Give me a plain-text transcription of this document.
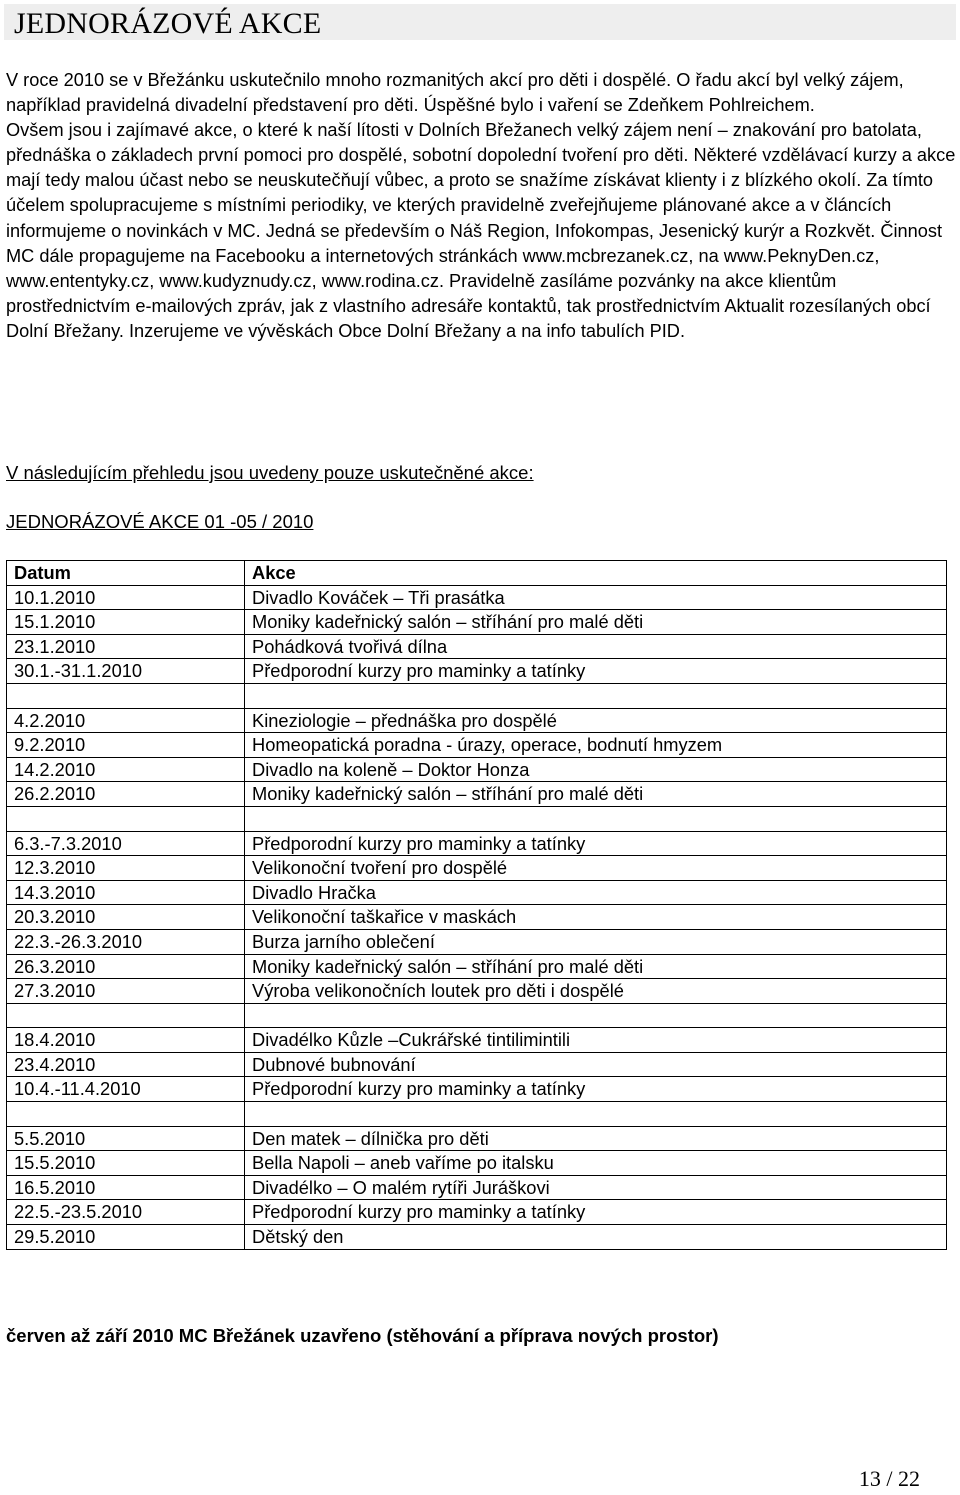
JEDNORÁZOVÉ AKCE

V roce 2010 se v Břežánku uskutečnilo mnoho rozmanitých akcí pro děti i dospělé. O řadu akcí byl velký zájem, například pravidelná divadelní představení pro děti. Úspěšné bylo i vaření se Zdeňkem Pohlreichem.

Ovšem jsou i zajímavé akce, o které k naší lítosti v Dolních Břežanech velký zájem není – znakování pro batolata, přednáška o základech první pomoci pro dospělé, sobotní dopolední tvoření pro děti. Některé vzdělávací kurzy a akce mají tedy malou účast nebo se neuskutečňují vůbec, a proto se snažíme získávat klienty i z blízkého okolí. Za tímto účelem spolupracujeme s místními periodiky, ve kterých pravidelně zveřejňujeme plánované akce a v článcích informujeme o novinkách v MC. Jedná se především o Náš Region, Infokompas, Jesenický kurýr a Rozkvět. Činnost MC dále propagujeme na Facebooku a internetových stránkách www.mcbrezanek.cz, na www.PeknyDen.cz, www.ententyky.cz, www.kudyznudy.cz, www.rodina.cz. Pravidelně zasíláme pozvánky na akce klientům prostřednictvím e-mailových zpráv, jak z vlastního adresáře kontaktů, tak prostřednictvím Aktualit rozesílaných obcí Dolní Břežany. Inzerujeme ve vývěskách Obce Dolní Břežany a na info tabulích PID.

V následujícím přehledu jsou uvedeny pouze uskutečněné akce:
JEDNORÁZOVÉ AKCE 01 -05 / 2010
Datum	Akce
10.1.2010	Divadlo Kováček – Tři prasátka
15.1.2010	Moniky kadeřnický salón – stříhání pro malé děti
23.1.2010	Pohádková tvořivá dílna
30.1.-31.1.2010	Předporodní kurzy pro maminky a tatínky

4.2.2010	Kineziologie – přednáška pro dospělé
9.2.2010	Homeopatická poradna - úrazy, operace, bodnutí hmyzem
14.2.2010	Divadlo na koleně – Doktor Honza
26.2.2010	Moniky kadeřnický salón – stříhání pro malé děti

6.3.-7.3.2010	Předporodní kurzy pro maminky a tatínky
12.3.2010	Velikonoční tvoření pro dospělé
14.3.2010	Divadlo Hračka
20.3.2010	Velikonoční taškařice v maskách
22.3.-26.3.2010	Burza jarního oblečení
26.3.2010	Moniky kadeřnický salón – stříhání pro malé děti
27.3.2010	Výroba velikonočních loutek pro děti i dospělé

18.4.2010	Divadélko Kůzle –Cukrářské tintilimintili
23.4.2010	Dubnové bubnování
10.4.-11.4.2010	Předporodní kurzy pro maminky a tatínky

5.5.2010	Den matek – dílnička pro děti
15.5.2010	Bella Napoli – aneb vaříme po italsku
16.5.2010	Divadélko – O malém rytíři Juráškovi
22.5.-23.5.2010	Předporodní kurzy pro maminky a tatínky
29.5.2010	Dětský den
červen až září 2010 MC Břežánek uzavřeno (stěhování a příprava nových prostor)
13 / 22
